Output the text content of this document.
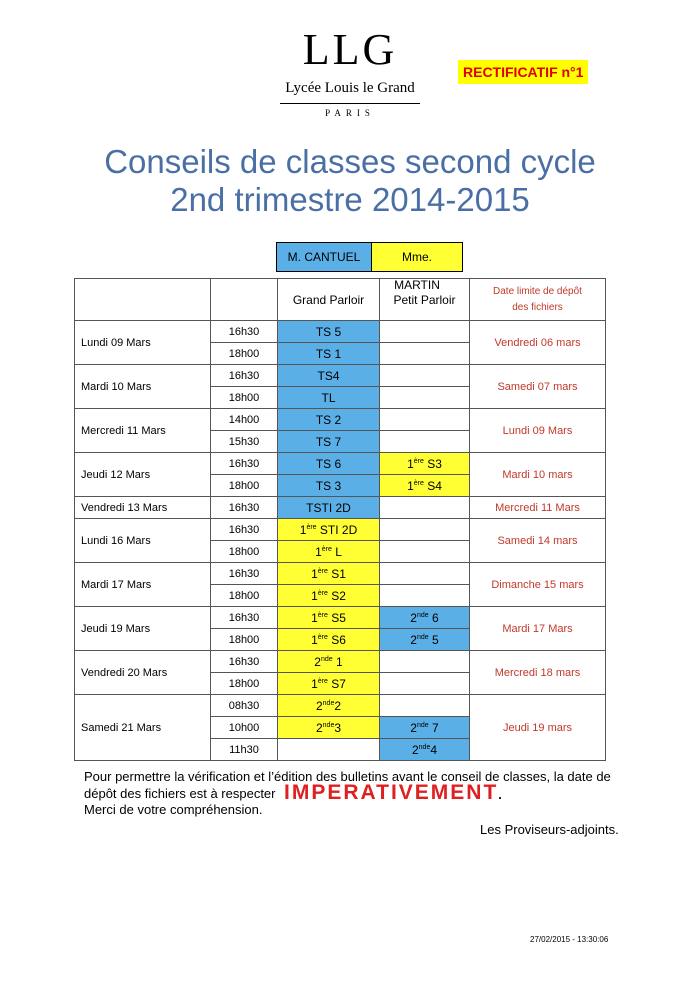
LLG
Lycée Louis le Grand
PARIS
RECTIFICATIF n°1
Conseils de classes second cycle
2nd trimestre 2014-2015
M. CANTUEL	Mme. MARTIN
		Grand Parloir	Petit Parloir	Date limite de dépôt
des fichiers
Lundi 09 Mars	16h30	TS 5		Vendredi 06 mars
	18h00	TS 1		
Mardi 10 Mars	16h30	TS4		Samedi 07 mars
	18h00	TL		
Mercredi 11 Mars	14h00	TS 2		Lundi 09 Mars
	15h30	TS 7		
Jeudi 12 Mars	16h30	TS 6	1ère S3	Mardi 10 mars
	18h00	TS 3	1ère S4	
Vendredi 13 Mars	16h30	TSTI 2D		Mercredi 11 Mars
Lundi 16 Mars	16h30	1ère STI 2D		Samedi 14 mars
	18h00	1ère L		
Mardi 17 Mars	16h30	1ère S1		Dimanche 15 mars
	18h00	1ère S2		
Jeudi 19 Mars	16h30	1ère S5	2nde 6	Mardi 17 Mars
	18h00	1ère S6	2nde 5	
Vendredi 20 Mars	16h30	2nde 1		Mercredi 18 mars
	18h00	1ère S7		
Samedi 21 Mars	08h30	2nde2		Jeudi 19 mars
	10h00	2nde3	2nde 7	
	11h30		2nde4	
Pour permettre la vérification et l’édition des bulletins avant le conseil de classes, la date de
dépôt des fichiers est à respecter IMPERATIVEMENT.
Merci de votre compréhension.
Les Proviseurs-adjoints.
27/02/2015 - 13:30:06
